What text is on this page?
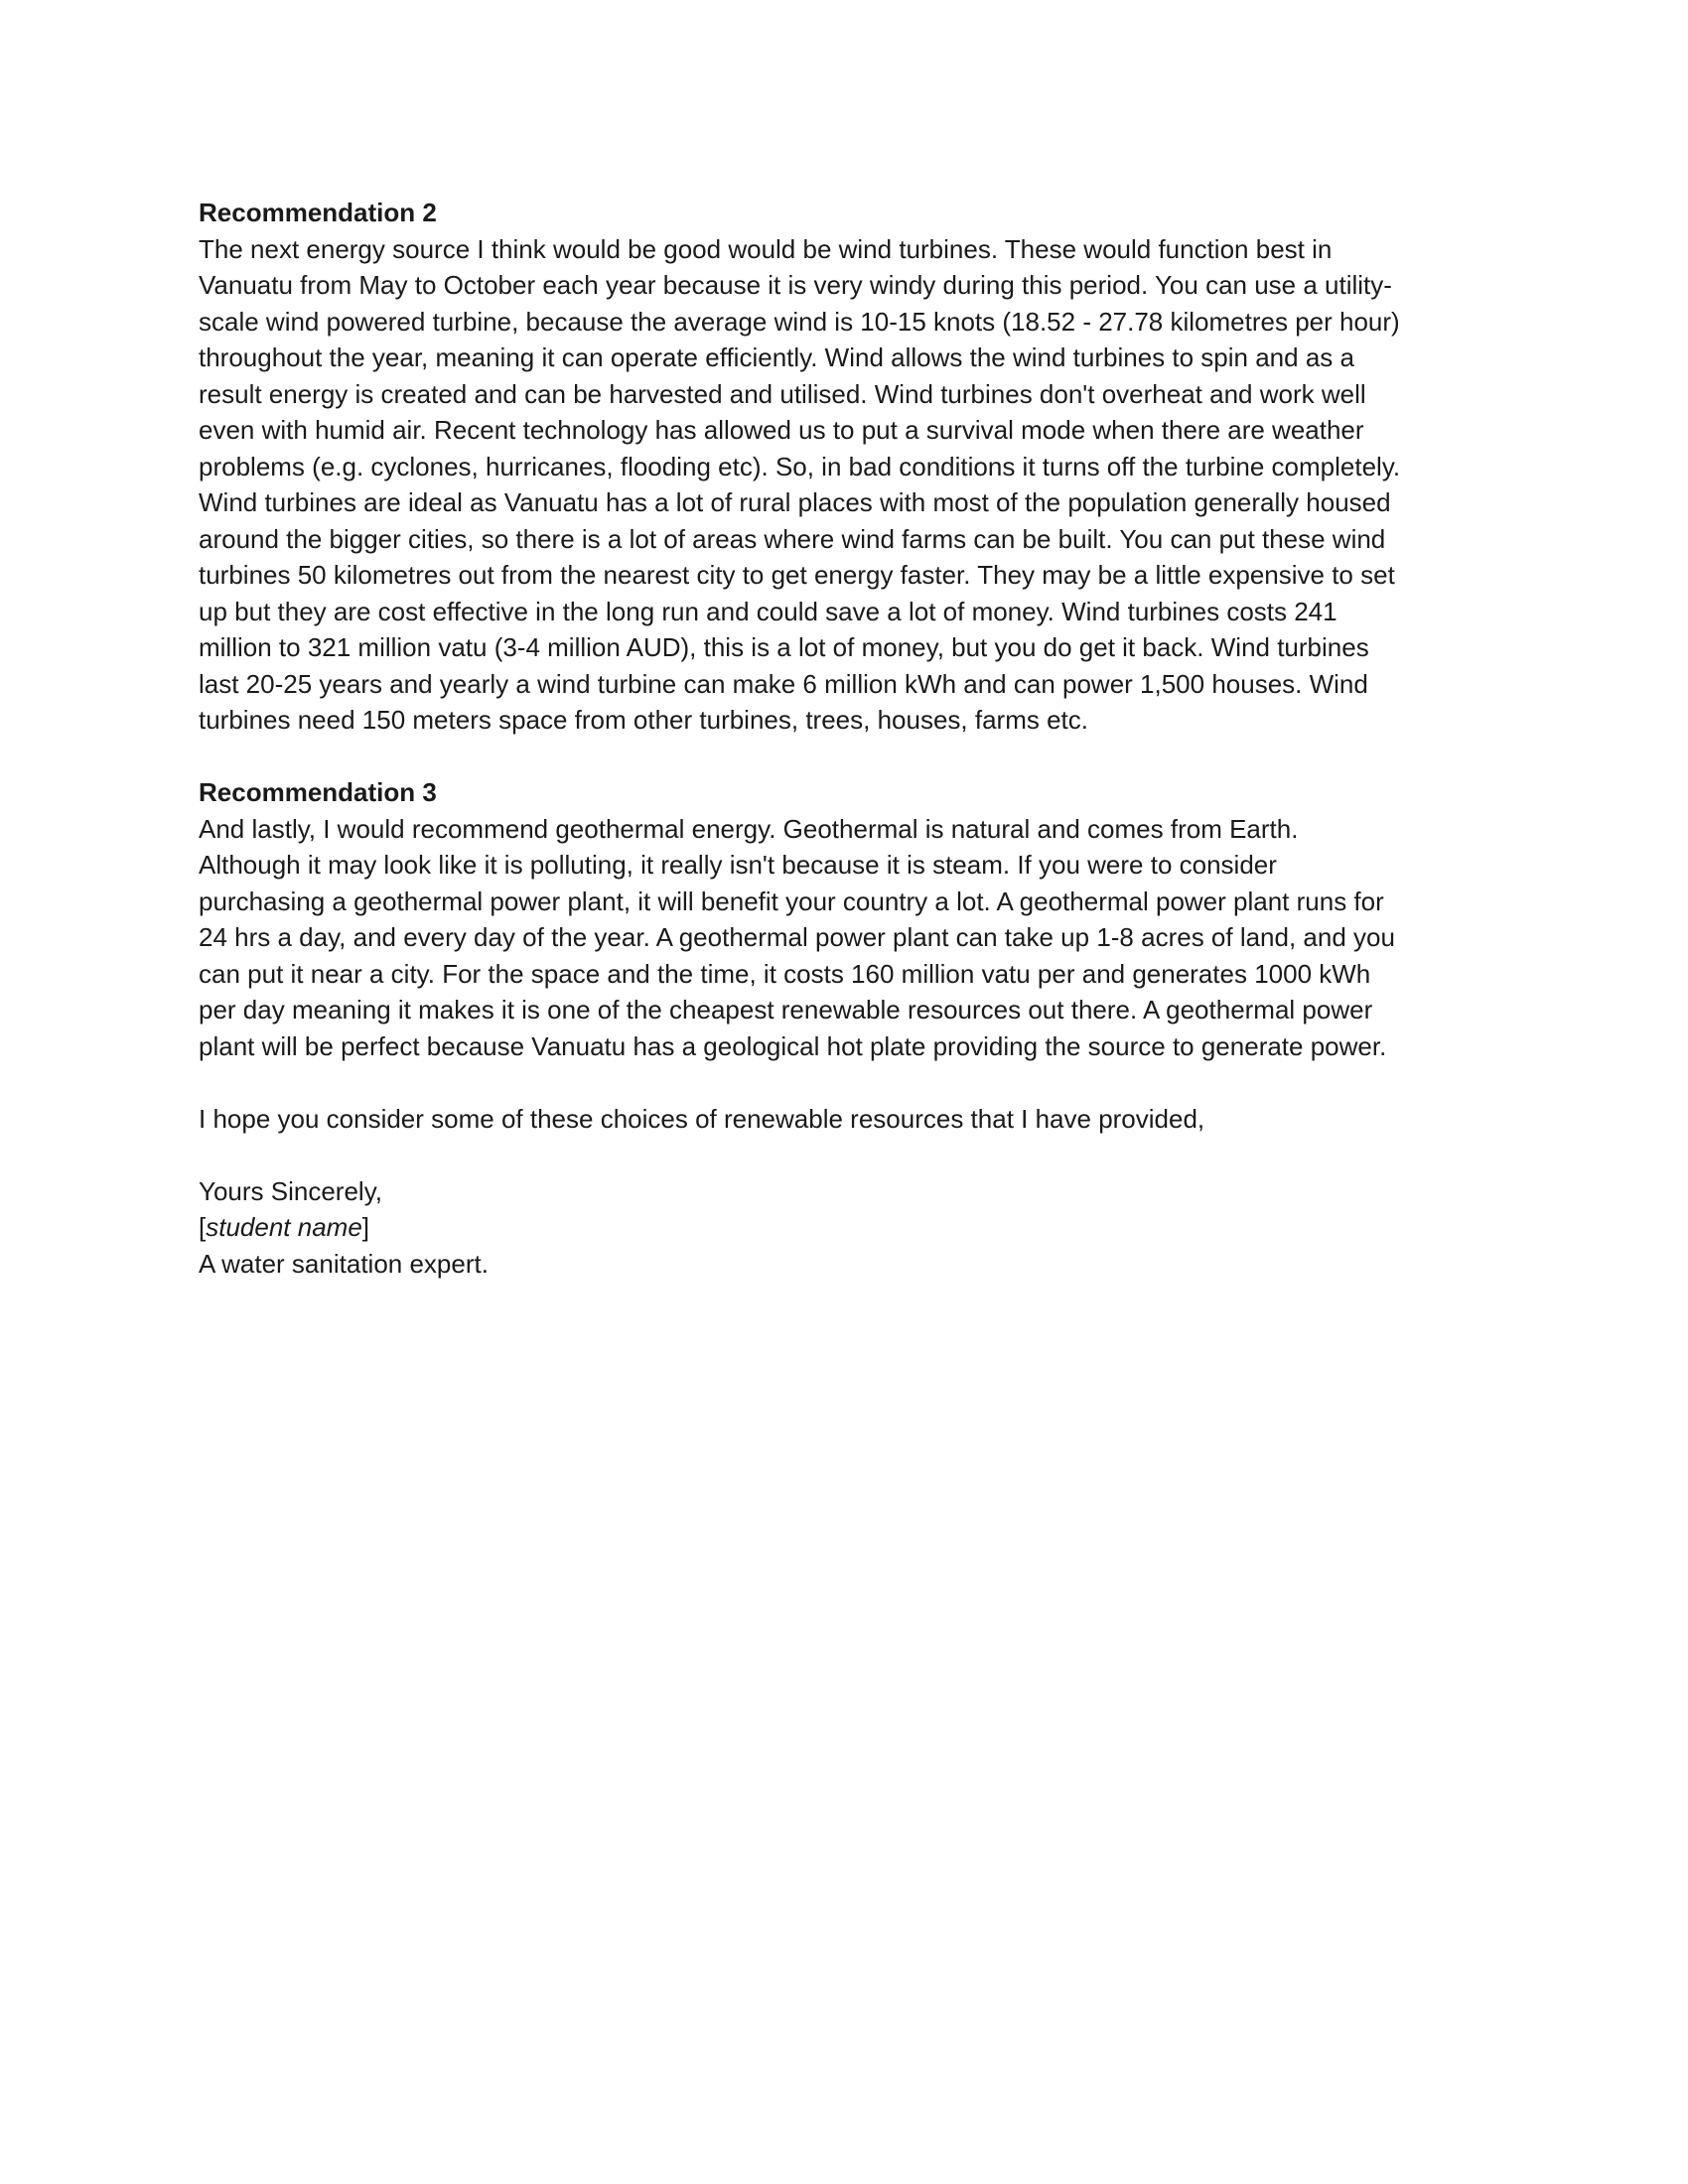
Recommendation 2
The next energy source I think would be good would be wind turbines. These would function best in
Vanuatu from May to October each year because it is very windy during this period. You can use a utility-
scale wind powered turbine, because the average wind is 10-15 knots (18.52 - 27.78 kilometres per hour)
throughout the year, meaning it can operate efficiently. Wind allows the wind turbines to spin and as a
result energy is created and can be harvested and utilised. Wind turbines don't overheat and work well
even with humid air. Recent technology has allowed us to put a survival mode when there are weather
problems (e.g. cyclones, hurricanes, flooding etc). So, in bad conditions it turns off the turbine completely.
Wind turbines are ideal as Vanuatu has a lot of rural places with most of the population generally housed
around the bigger cities, so there is a lot of areas where wind farms can be built. You can put these wind
turbines 50 kilometres out from the nearest city to get energy faster. They may be a little expensive to set
up but they are cost effective in the long run and could save a lot of money. Wind turbines costs 241
million to 321 million vatu (3-4 million AUD), this is a lot of money, but you do get it back. Wind turbines
last 20-25 years and yearly a wind turbine can make 6 million kWh and can power 1,500 houses. Wind
turbines need 150 meters space from other turbines, trees, houses, farms etc.
Recommendation 3
And lastly, I would recommend geothermal energy. Geothermal is natural and comes from Earth.
Although it may look like it is polluting, it really isn't because it is steam. If you were to consider
purchasing a geothermal power plant, it will benefit your country a lot. A geothermal power plant runs for
24 hrs a day, and every day of the year. A geothermal power plant can take up 1-8 acres of land, and you
can put it near a city. For the space and the time, it costs 160 million vatu per and generates 1000 kWh
per day meaning it makes it is one of the cheapest renewable resources out there. A geothermal power
plant will be perfect because Vanuatu has a geological hot plate providing the source to generate power.
I hope you consider some of these choices of renewable resources that I have provided,
Yours Sincerely,
[student name]
A water sanitation expert.
